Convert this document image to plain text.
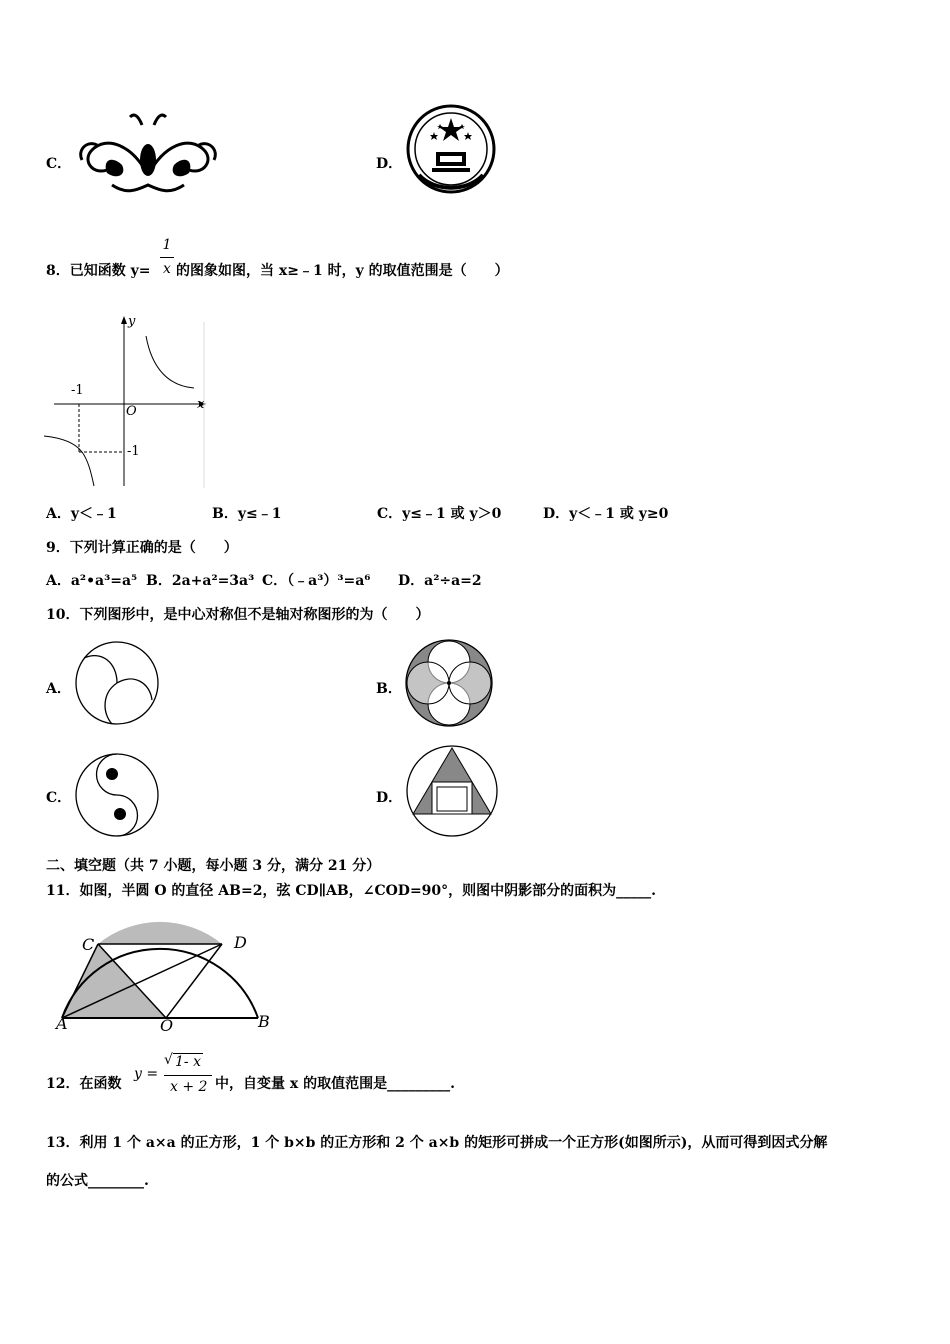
C．	D．
8．已知函数 y=
1
x 的图象如图，当 x≥﹣1 时，y 的取值范围是（　　）
y
x
O
-1
-1
A．y＜﹣1	B．y≤﹣1	C．y≤﹣1 或 y＞0	D．y＜﹣1 或 y≥0
9．下列计算正确的是（　　）
A．a²•a³=a⁵ B．2a+a²=3a³ C．（﹣a³）³=a⁶ D．a²÷a=2
10．下列图形中，是中心对称但不是轴对称图形的为（　　）
A．	B．
C．	D．
二、填空题（共 7 小题，每小题 3 分，满分 21 分）
11．如图，半圆 O 的直径 AB=2，弦 CD∥AB，∠COD=90°，则图中阴影部分的面积为_____.
C	D
A	O	B
12．在函数
y =
√ 1- x
x + 2 中，自变量 x 的取值范围是_________.
13．利用 1 个 a×a 的正方形，1 个 b×b 的正方形和 2 个 a×b 的矩形可拼成一个正方形(如图所示)，从而可得到因式分解
的公式________.
